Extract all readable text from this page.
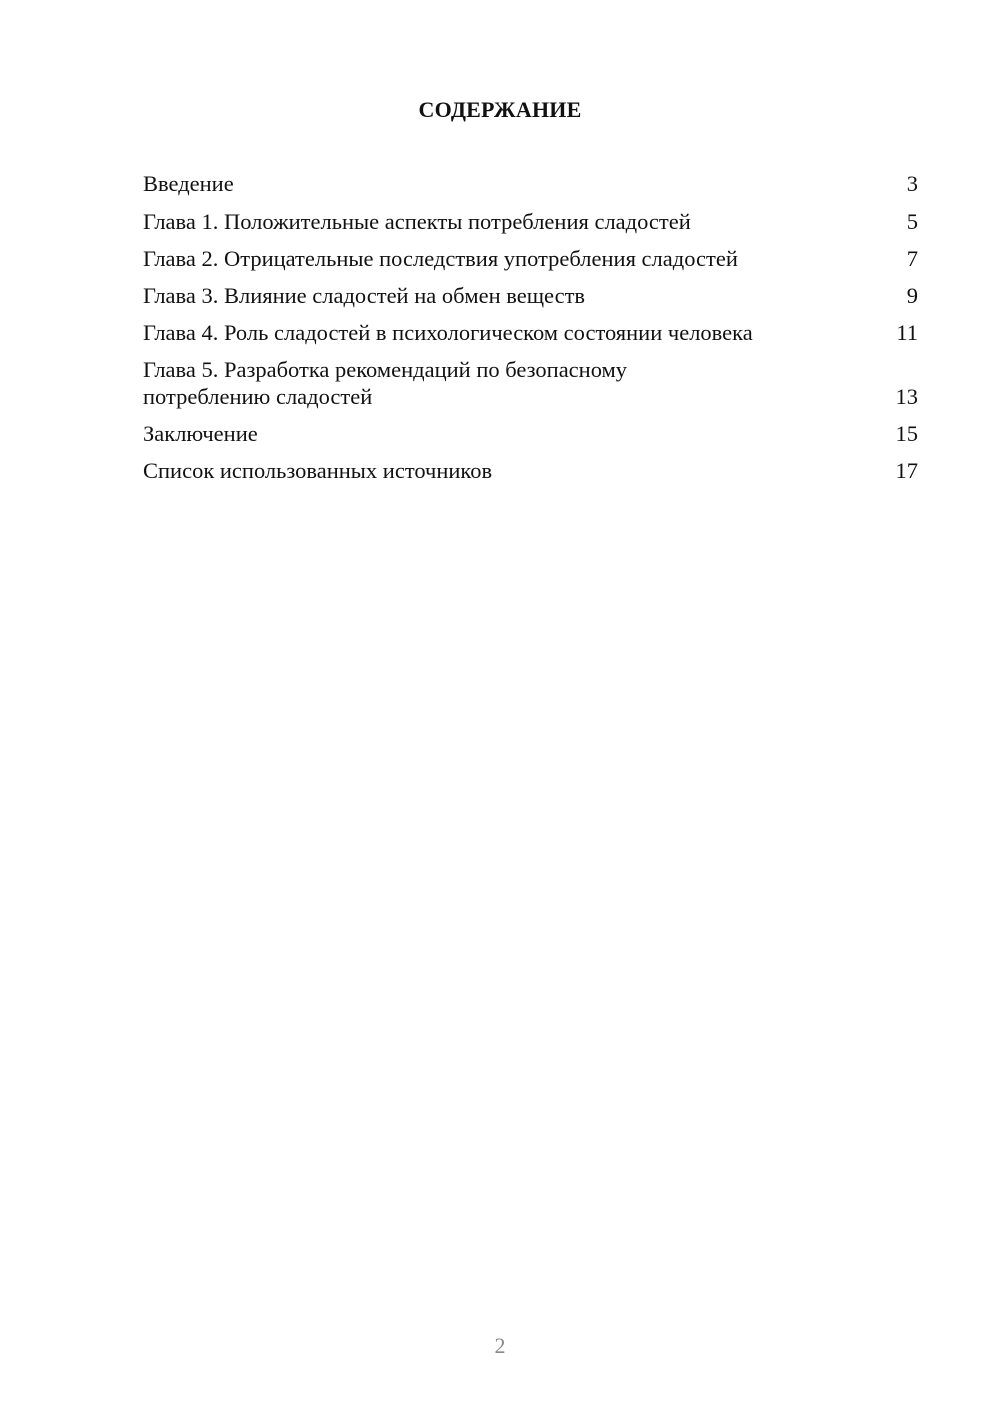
СОДЕРЖАНИЕ
Введение	3
Глава 1. Положительные аспекты потребления сладостей	5
Глава 2. Отрицательные последствия употребления сладостей	7
Глава 3. Влияние сладостей на обмен веществ	9
Глава 4. Роль сладостей в психологическом состоянии человека	11
Глава 5. Разработка рекомендаций по безопасному потреблению сладостей	13
Заключение	15
Список использованных источников	17
2
